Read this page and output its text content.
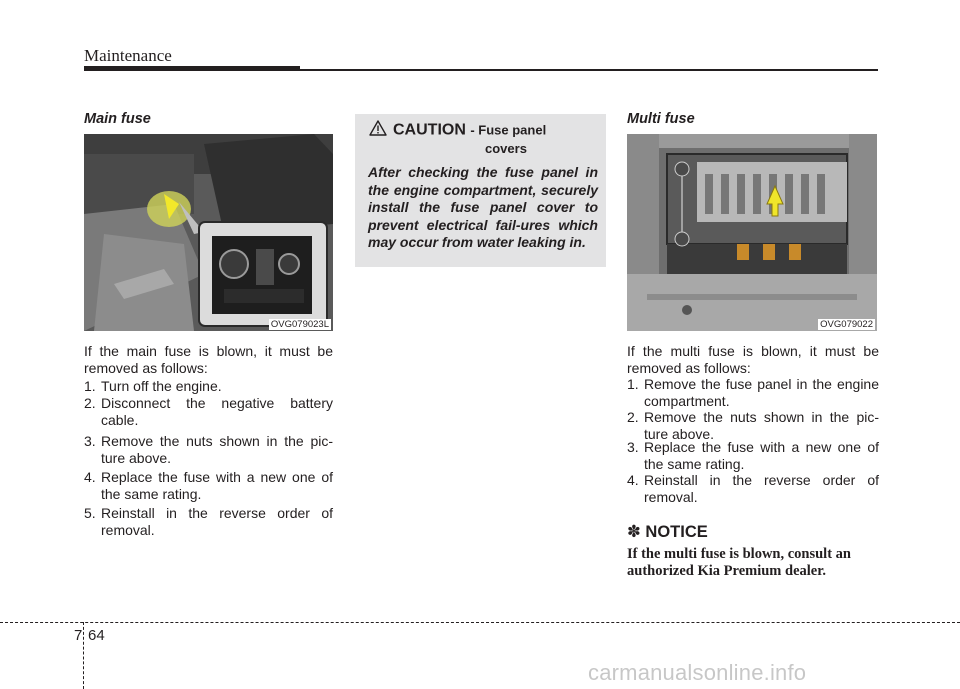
Maintenance
Main fuse
OVG079023L
If the main fuse is blown, it must be removed as follows:
1. Turn off the engine.
2. Disconnect the negative battery cable.
3. Remove the nuts shown in the pic-ture above.
4. Replace the fuse with a new one of the same rating.
5. Reinstall in the reverse order of removal.
CAUTION - Fuse panel
covers
After checking the fuse panel in the engine compartment, securely install the fuse panel cover to prevent electrical fail-ures which may occur from water leaking in.
Multi fuse
OVG079022
If the multi fuse is blown, it must be removed as follows:
1. Remove the fuse panel in the engine compartment.
2. Remove the nuts shown in the pic-ture above.
3. Replace the fuse with a new one of the same rating.
4. Reinstall in the reverse order of removal.
✽ NOTICE
If the multi fuse is blown, consult an authorized Kia Premium dealer.
7 64
carmanualsonline.info
